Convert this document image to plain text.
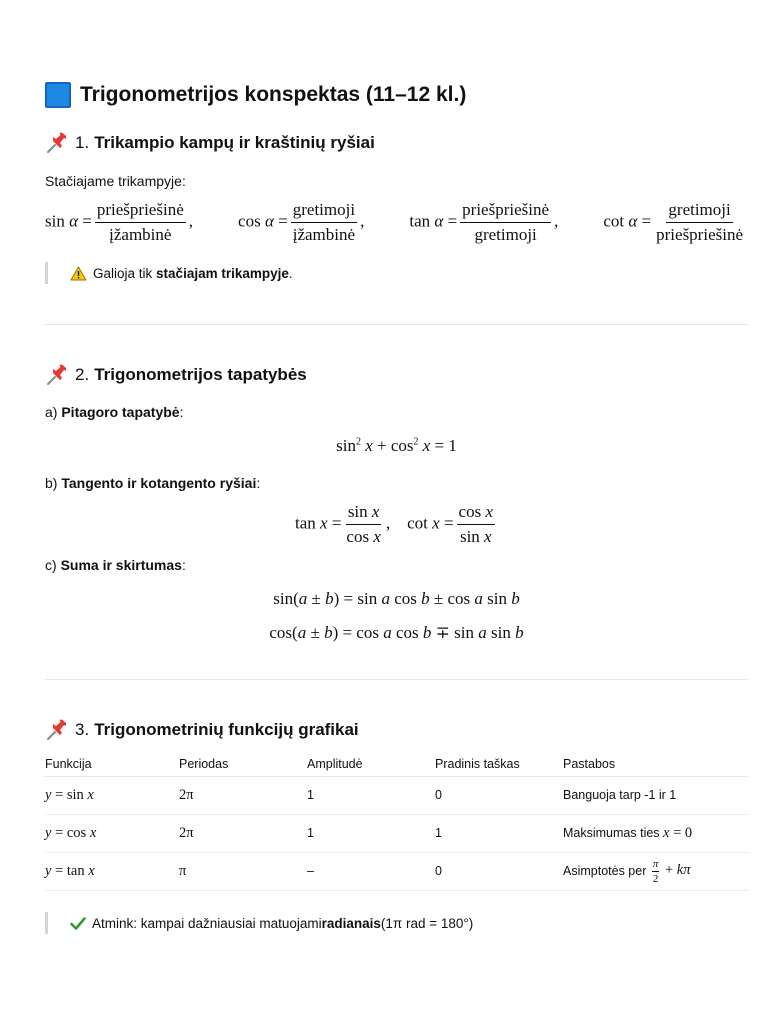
Trigonometrijos konspektas (11–12 kl.)
1. Trikampio kampų ir kraštinių ryšiai
Stačiajame trikampyje:
$\sin \alpha = \frac{\text{priešpriešinė}}{\text{įžambinė}}$ ,	$\cos \alpha = \frac{\text{gretimoji}}{\text{įžambinė}}$ ,	$\tan \alpha = \frac{\text{priešpriešinė}}{\text{gretimoji}}$ ,	$\cot \alpha = \frac{\text{gretimoji}}{\text{priešpriešinė}}$
Galioja tik
stačiajam trikampyje .
2. Trigonometrijos tapatybės
a) Pitagoro tapatybė:
$\sin^2 x + \cos^2 x = 1$
b) Tangento ir kotangento ryšiai:
$\tan x = \frac{\text{sin x}}{\text{cos x}}$ ,    $\cot x = \frac{\text{cos x}}{\text{sin x}}$
c) Suma ir skirtumas:
sin(a ± b) = sin a cos b ± cos a sin b
cos(a ± b) = cos a cos b ∓ sin a sin b
3. Trigonometrinių funkcijų grafikai
Funkcija	Periodas	Amplitudė	Pradinis taškas	Pastabos
y = sin x	2π	1	0	Banguoja tarp -1 ir 1
y = cos x	2π	1	1	Maksimumas ties x = 0
y = tan x	π	–	0	Asimptotės per $\frac{\pi}{2} + k\pi$
Atmink: kampai dažniausiai matuojami radianais (1π rad = 180°)
